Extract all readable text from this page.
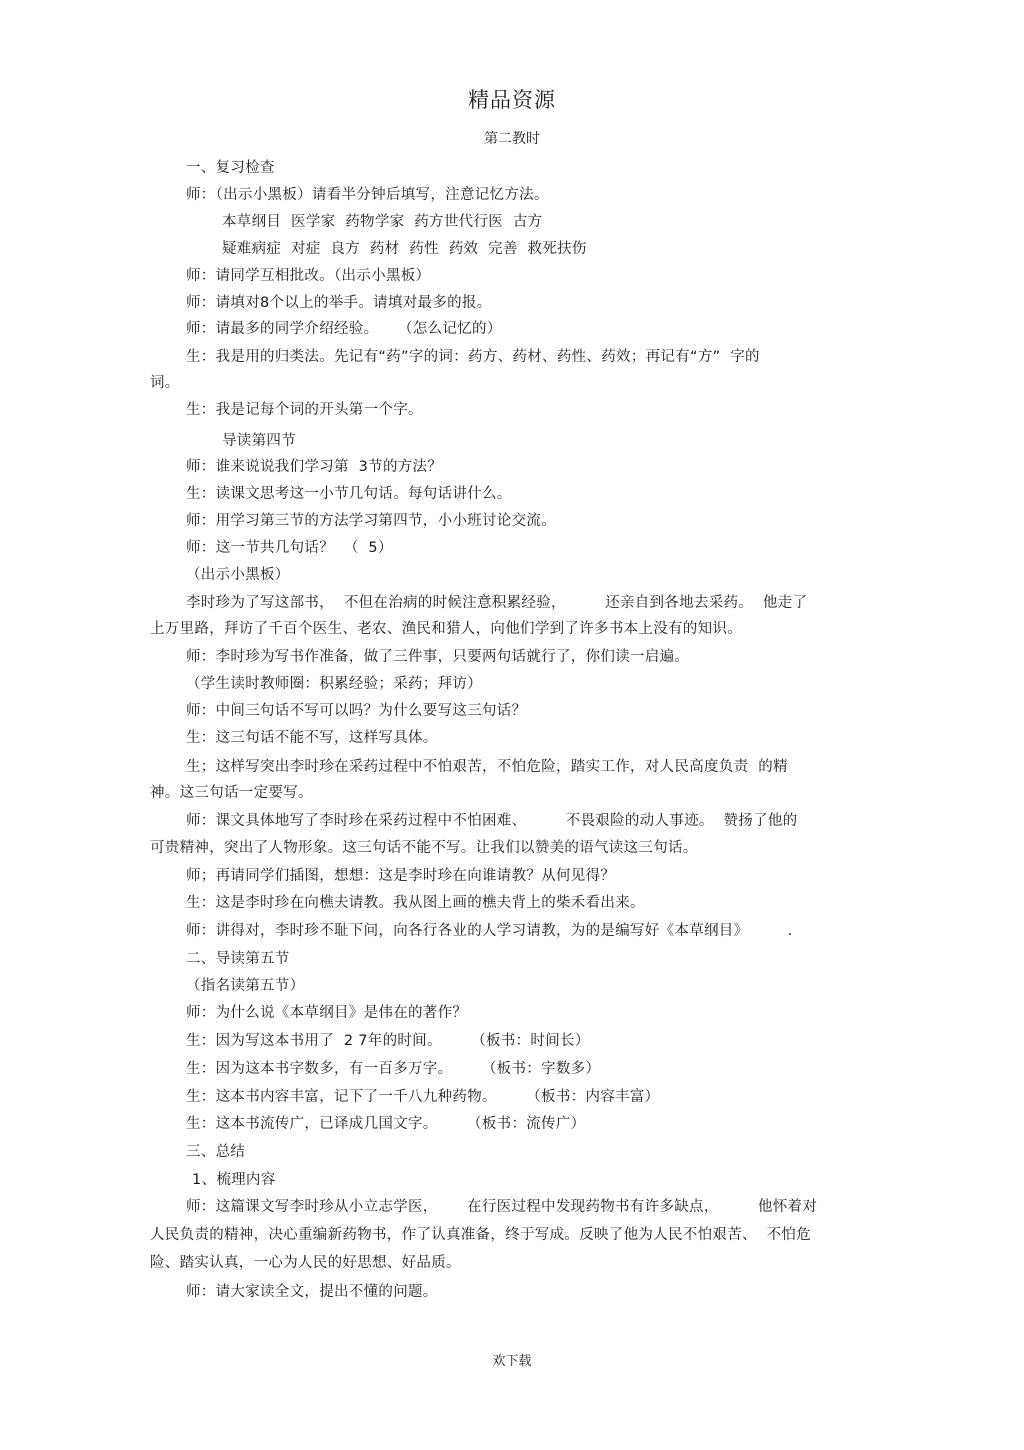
精品资源
第二教时
一、复习检查
师：（出示小黑板）请看半分钟后填写，注意记忆方法。
本草纲目  医学家  药物学家  药方世代行医  古方
疑难病症  对症  良方  药材  药性  药效  完善  救死扶伤
师：请同学互相批改。（出示小黑板）
师：请填对8个以上的举手。请填对最多的报。
师：请最多的同学介绍经验。    （怎么记忆的）
生：我是用的归类法。先记有“药”字的词：药方、药材、药性、药效；再记有“方”  字的
词。
生：我是记每个词的开头第一个字。
导读第四节
师：谁来说说我们学习第  3节的方法？
生：读课文思考这一小节几句话。每句话讲什么。
师：用学习第三节的方法学习第四节，小小班讨论交流。
师：这一节共几句话？  （  5）
（出示小黑板）
李时珍为了写这部书，  不但在治病的时候注意积累经验，        还亲自到各地去采药。  他走了
上万里路，拜访了千百个医生、老农、渔民和猎人，向他们学到了许多书本上没有的知识。
师：李时珍为写书作准备，做了三件事，只要两句话就行了，你们读一启遍。
（学生读时教师圈：积累经验；采药；拜访）
师：中间三句话不写可以吗？为什么要写这三句话？
生：这三句话不能不写，这样写具体。
生；这样写突出李时珍在采药过程中不怕艰苦，不怕危险，踏实工作，对人民高度负责  的精
神。这三句话一定要写。
师：课文具体地写了李时珍在采药过程中不怕困难、        不畏艰险的动人事迹。  赞扬了他的
可贵精神，突出了人物形象。这三句话不能不写。让我们以赞美的语气读这三句话。
师；再请同学们插图，想想：这是李时珍在向谁请教？从何见得？
生：这是李时珍在向樵夫请教。我从图上画的樵夫背上的柴禾看出来。
师：讲得对，李时珍不耻下问，向各行各业的人学习请教，为的是编写好《本草纲目》        .
二、导读第五节
（指名读第五节）
师：为什么说《本草纲目》是伟在的著作？
生：因为写这本书用了  2 7年的时间。      （板书：时间长）
生：因为这本书字数多，有一百多万字。      （板书：字数多）
生：这本书内容丰富，记下了一千八九种药物。      （板书：内容丰富）
生：这本书流传广，已译成几国文字。      （板书：流传广）
三、总结
1、梳理内容
师：这篇课文写李时珍从小立志学医，      在行医过程中发现药物书有许多缺点，        他怀着对
人民负责的精神，决心重编新药物书，作了认真准备，终于写成。反映了他为人民不怕艰苦、  不怕危
险、踏实认真，一心为人民的好思想、好品质。
师：请大家读全文，提出不懂的问题。
欢下载
